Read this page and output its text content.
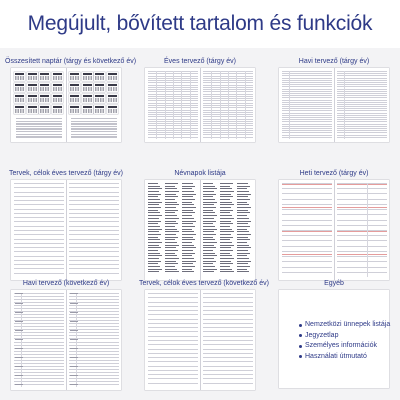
Megújult, bővített tartalom és funkciók
Összesített naptár (tárgy és következő év)	Éves tervező (tárgy év)	Havi tervező (tárgy év)
Tervek, célok éves tervező (tárgy év)	Névnapok listája	Heti tervező (tárgy év)
Havi tervező (következő év)	Tervek, célok éves tervező (következő év)	Egyéb
Nemzetközi ünnepek listája
Jegyzetlap
Személyes információk
Használati útmutató
